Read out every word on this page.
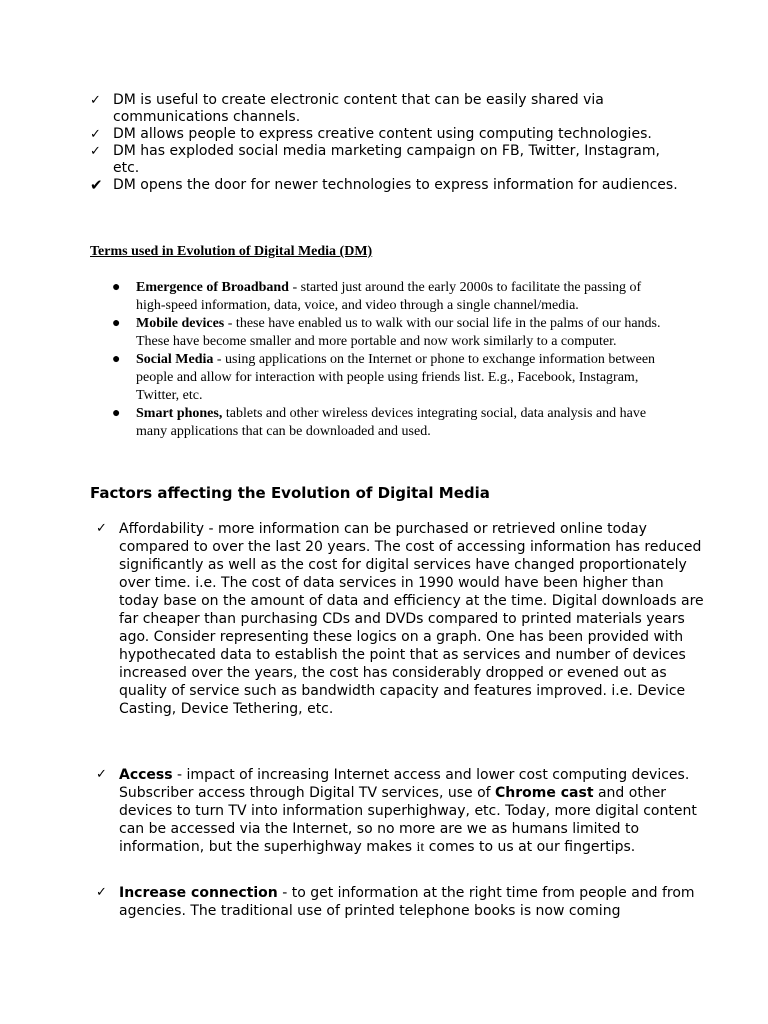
✓ DM is useful to create electronic content that can be easily shared via communications channels.
✓ DM allows people to express creative content using computing technologies.
✓ DM has exploded social media marketing campaign on FB, Twitter, Instagram, etc.
✔ DM opens the door for newer technologies to express information for audiences.

Terms used in Evolution of Digital Media (DM)

● Emergence of Broadband - started just around the early 2000s to facilitate the passing of high-speed information, data, voice, and video through a single channel/media.
● Mobile devices - these have enabled us to walk with our social life in the palms of our hands. These have become smaller and more portable and now work similarly to a computer.
● Social Media - using applications on the Internet or phone to exchange information between people and allow for interaction with people using friends list. E.g., Facebook, Instagram, Twitter, etc.
● Smart phones, tablets and other wireless devices integrating social, data analysis and have many applications that can be downloaded and used.

Factors affecting the Evolution of Digital Media

✓ Affordability - more information can be purchased or retrieved online today compared to over the last 20 years. The cost of accessing information has reduced significantly as well as the cost for digital services have changed proportionately over time. i.e. The cost of data services in 1990 would have been higher than today base on the amount of data and efficiency at the time. Digital downloads are far cheaper than purchasing CDs and DVDs compared to printed materials years ago. Consider representing these logics on a graph. One has been provided with hypothecated data to establish the point that as services and number of devices increased over the years, the cost has considerably dropped or evened out as quality of service such as bandwidth capacity and features improved. i.e. Device Casting, Device Tethering, etc.

✓ Access - impact of increasing Internet access and lower cost computing devices. Subscriber access through Digital TV services, use of Chrome cast and other devices to turn TV into information superhighway, etc. Today, more digital content can be accessed via the Internet, so no more are we as humans limited to information, but the superhighway makes it comes to us at our fingertips.

✓ Increase connection - to get information at the right time from people and from agencies. The traditional use of printed telephone books is now coming
